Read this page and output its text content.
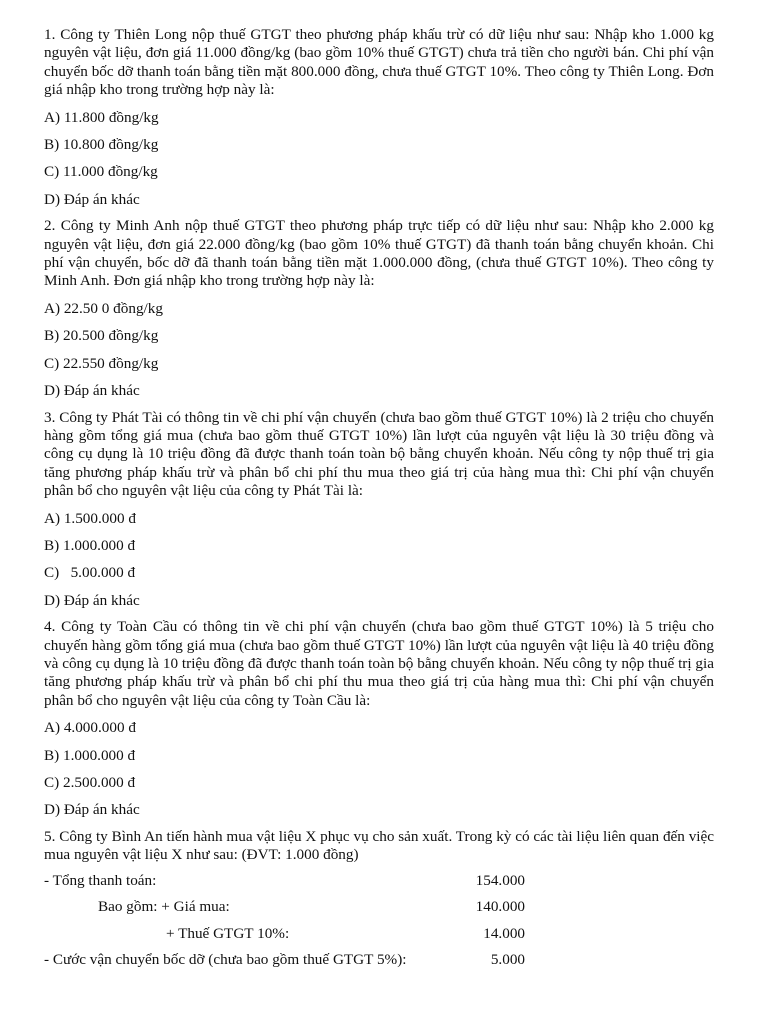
1. Công ty Thiên Long nộp thuế GTGT theo phương pháp khấu trừ có dữ liệu như sau: Nhập kho 1.000 kg nguyên vật liệu, đơn giá 11.000 đồng/kg (bao gồm 10% thuế GTGT) chưa trả tiền cho người bán. Chi phí vận chuyển bốc dỡ thanh toán bằng tiền mặt 800.000 đồng, chưa thuế GTGT 10%. Theo công ty Thiên Long. Đơn giá nhập kho trong trường hợp này là:

A) 11.800 đồng/kg
B) 10.800 đồng/kg
C) 11.000 đồng/kg
D) Đáp án khác

2. Công ty Minh Anh nộp thuế GTGT theo phương pháp trực tiếp có dữ liệu như sau: Nhập kho 2.000 kg nguyên vật liệu, đơn giá 22.000 đồng/kg (bao gồm 10% thuế GTGT) đã thanh toán bằng chuyển khoản. Chi phí vận chuyển, bốc dỡ đã thanh toán bằng tiền mặt 1.000.000 đồng, (chưa thuế GTGT 10%). Theo công ty Minh Anh. Đơn giá nhập kho trong trường hợp này là:

A) 22.50 0 đồng/kg
B) 20.500 đồng/kg
C) 22.550 đồng/kg
D) Đáp án khác

3. Công ty Phát Tài có thông tin về chi phí vận chuyển (chưa bao gồm thuế GTGT 10%) là 2 triệu cho chuyến hàng gồm tổng giá mua (chưa bao gồm thuế GTGT 10%) lần lượt của nguyên vật liệu là 30 triệu đồng và công cụ dụng là 10 triệu đồng đã được thanh toán toàn bộ bằng chuyển khoản. Nếu công ty nộp thuế trị gia tăng phương pháp khấu trừ và phân bổ chi phí thu mua theo giá trị của hàng mua thì: Chi phí vận chuyển phân bổ cho nguyên vật liệu của công ty Phát Tài là:

A) 1.500.000 đ
B) 1.000.000 đ
C)   5.00.000 đ
D) Đáp án khác

4. Công ty Toàn Cầu có thông tin về chi phí vận chuyển (chưa bao gồm thuế GTGT 10%) là 5 triệu cho chuyến hàng gồm tổng giá mua (chưa bao gồm thuế GTGT 10%) lần lượt của nguyên vật liệu là 40 triệu đồng và công cụ dụng là 10 triệu đồng đã được thanh toán toàn bộ bằng chuyển khoản. Nếu công ty nộp thuế trị gia tăng phương pháp khấu trừ và phân bổ chi phí thu mua theo giá trị của hàng mua thì: Chi phí vận chuyển phân bổ cho nguyên vật liệu của công ty Toàn Cầu là:

A) 4.000.000 đ
B) 1.000.000 đ
C) 2.500.000 đ
D) Đáp án khác

5. Công ty Bình An tiến hành mua vật liệu X phục vụ cho sản xuất. Trong kỳ có các tài liệu liên quan đến việc mua nguyên vật liệu X như sau: (ĐVT: 1.000 đồng)

- Tổng thanh toán:	154.000
Bao gồm: + Giá mua:	140.000
+ Thuế GTGT 10%:	14.000
- Cước vận chuyển bốc dỡ (chưa bao gồm thuế GTGT 5%):	5.000
